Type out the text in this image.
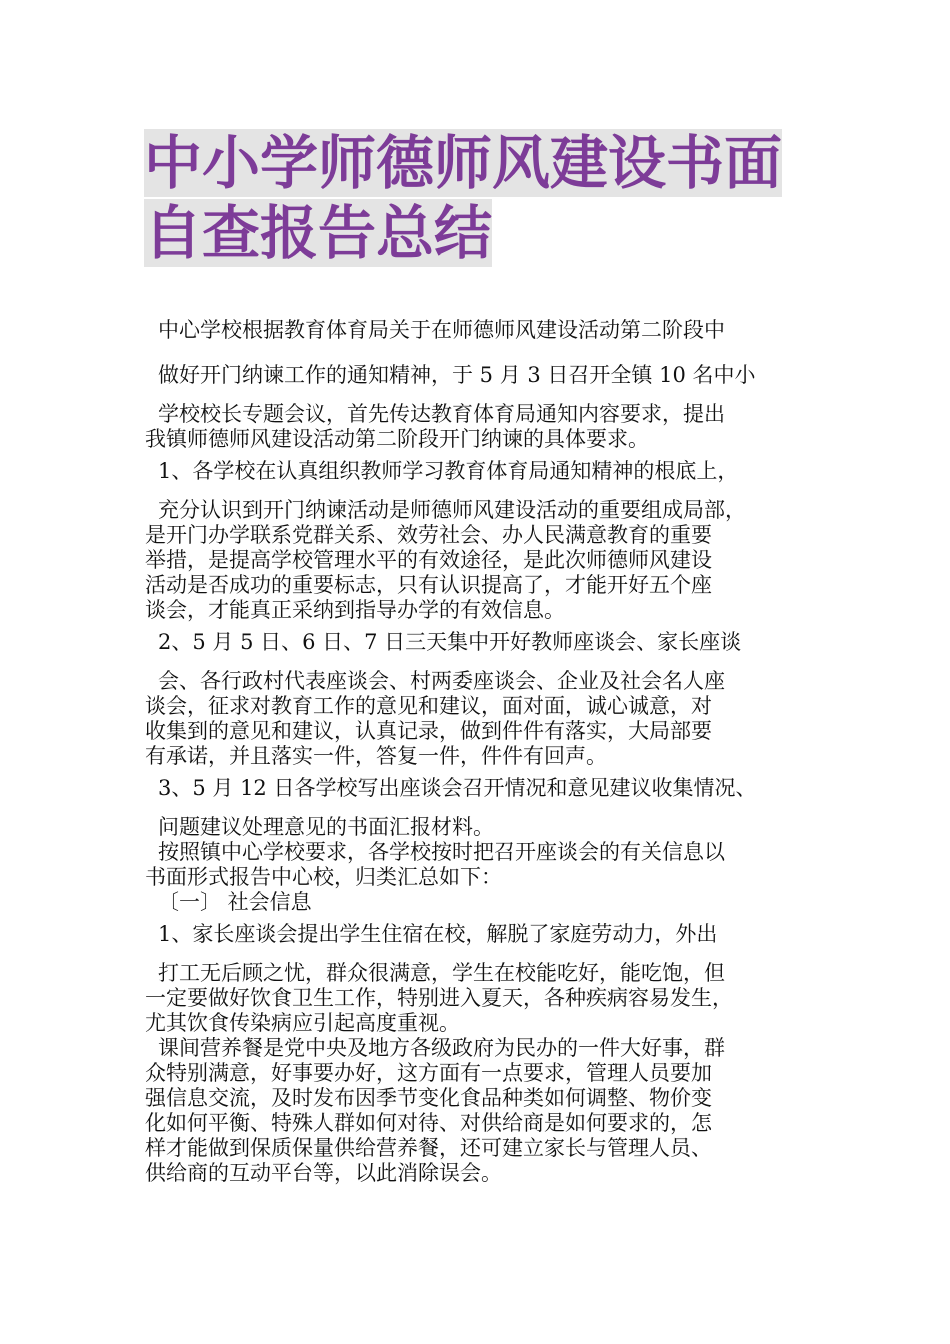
中小学师德师风建设书面
自查报告总结

中心学校根据教育体育局关于在师德师风建设活动第二阶段中
做好开门纳谏工作的通知精神，于 5 月 3 日召开全镇 10 名中小
学校校长专题会议，首先传达教育体育局通知内容要求，提出
我镇师德师风建设活动第二阶段开门纳谏的具体要求。

1、各学校在认真组织教师学习教育体育局通知精神的根底上，
充分认识到开门纳谏活动是师德师风建设活动的重要组成局部，
是开门办学联系党群关系、效劳社会、办人民满意教育的重要
举措，是提高学校管理水平的有效途径，是此次师德师风建设
活动是否成功的重要标志，只有认识提高了，才能开好五个座
谈会，才能真正采纳到指导办学的有效信息。

2、5 月 5 日、6 日、7 日三天集中开好教师座谈会、家长座谈
会、各行政村代表座谈会、村两委座谈会、企业及社会名人座
谈会，征求对教育工作的意见和建议，面对面，诚心诚意，对
收集到的意见和建议，认真记录，做到件件有落实，大局部要
有承诺，并且落实一件，答复一件，件件有回声。

3、5 月 12 日各学校写出座谈会召开情况和意见建议收集情况、
问题建议处理意见的书面汇报材料。

按照镇中心学校要求，各学校按时把召开座谈会的有关信息以
书面形式报告中心校，归类汇总如下：

〔一〕 社会信息

1、家长座谈会提出学生住宿在校，解脱了家庭劳动力，外出
打工无后顾之忧，群众很满意，学生在校能吃好，能吃饱，但
一定要做好饮食卫生工作，特别进入夏天，各种疾病容易发生，
尤其饮食传染病应引起高度重视。

课间营养餐是党中央及地方各级政府为民办的一件大好事，群
众特别满意，好事要办好，这方面有一点要求，管理人员要加
强信息交流，及时发布因季节变化食品种类如何调整、物价变
化如何平衡、特殊人群如何对待、对供给商是如何要求的，怎
样才能做到保质保量供给营养餐，还可建立家长与管理人员、
供给商的互动平台等，以此消除误会。
